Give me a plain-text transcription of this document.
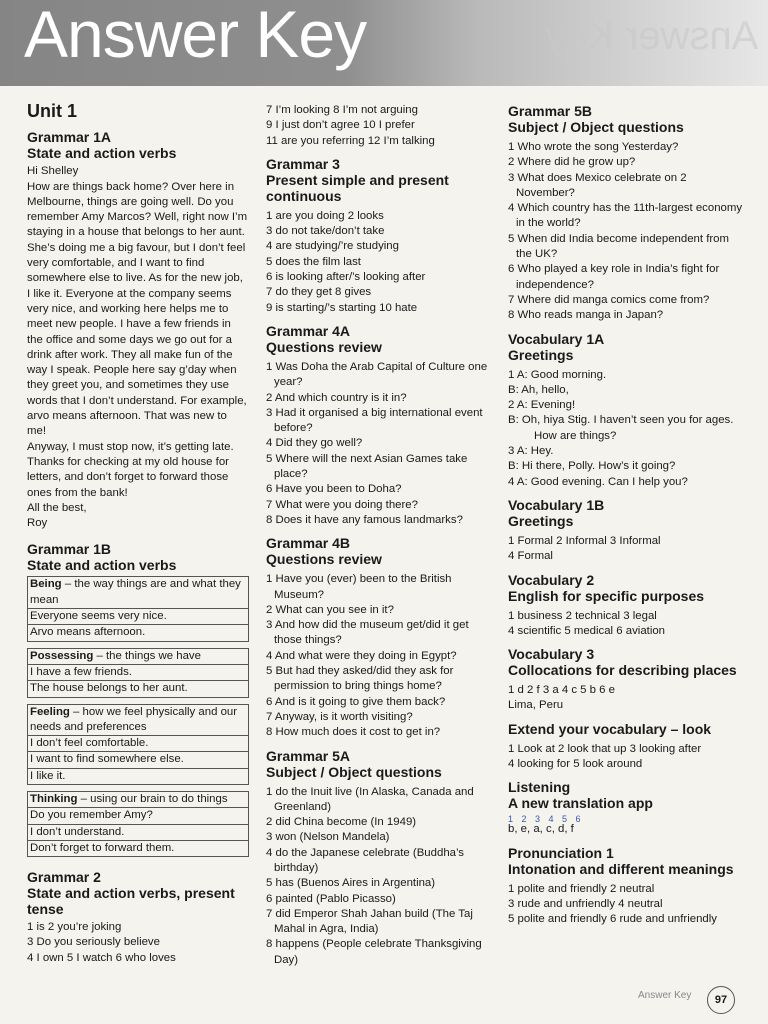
Answer Key	Answer Key
Unit 1
Grammar 1A
State and action verbs

Hi Shelley

How are things back home? Over here in Melbourne, things are going well. Do you remember Amy Marcos? Well, right now I’m staying in a house that belongs to her aunt. She’s doing me a big favour, but I don’t feel very comfortable, and I want to find somewhere else to live. As for the new job, I like it. Everyone at the company seems very nice, and working here helps me to meet new people. I have a few friends in the office and some days we go out for a drink after work. They all make fun of the way I speak. People here say g’day when they greet you, and sometimes they use words that I don’t understand. For example, arvo means afternoon. That was new to me!

Anyway, I must stop now, it’s getting late. Thanks for checking at my old house for letters, and don’t forget to forward those ones from the bank!

All the best,

Roy

Grammar 1B
State and action verbs
Being – the way things are and what they mean
Everyone seems very nice.
Arvo means afternoon.
Possessing – the things we have
I have a few friends.
The house belongs to her aunt.
Feeling – how we feel physically and our needs and preferences
I don’t feel comfortable.
I want to find somewhere else.
I like it.
Thinking – using our brain to do things
Do you remember Amy?
I don’t understand.
Don’t forget to forward them.
Grammar 2
State and action verbs, present tense
1 is 2 you’re joking
3 Do you seriously believe
4 I own 5 I watch 6 who loves
7 I’m looking 8 I’m not arguing
9 I just don’t agree 10 I prefer
11 are you referring 12 I’m talking
Grammar 3
Present simple and present continuous
1 are you doing 2 looks
3 do not take/don’t take
4 are studying/’re studying
5 does the film last
6 is looking after/’s looking after
7 do they get 8 gives
9 is starting/’s starting 10 hate
Grammar 4A
Questions review
1 Was Doha the Arab Capital of Culture one year?
2 And which country is it in?
3 Had it organised a big international event before?
4 Did they go well?
5 Where will the next Asian Games take place?
6 Have you been to Doha?
7 What were you doing there?
8 Does it have any famous landmarks?
Grammar 4B
Questions review
1 Have you (ever) been to the British Museum?
2 What can you see in it?
3 And how did the museum get/did it get those things?
4 And what were they doing in Egypt?
5 But had they asked/did they ask for permission to bring things home?
6 And is it going to give them back?
7 Anyway, is it worth visiting?
8 How much does it cost to get in?
Grammar 5A
Subject / Object questions
1 do the Inuit live (In Alaska, Canada and Greenland)
2 did China become (In 1949)
3 won (Nelson Mandela)
4 do the Japanese celebrate (Buddha’s birthday)
5 has (Buenos Aires in Argentina)
6 painted (Pablo Picasso)
7 did Emperor Shah Jahan build (The Taj Mahal in Agra, India)
8 happens (People celebrate Thanksgiving Day)
Grammar 5B
Subject / Object questions
1 Who wrote the song Yesterday?
2 Where did he grow up?
3 What does Mexico celebrate on 2 November?
4 Which country has the 11th-largest economy in the world?
5 When did India become independent from the UK?
6 Who played a key role in India’s fight for independence?
7 Where did manga comics come from?
8 Who reads manga in Japan?
Vocabulary 1A
Greetings
1 A: Good morning.
B: Ah, hello,
2 A: Evening!
B: Oh, hiya Stig. I haven’t seen you for ages. How are things?
3 A: Hey.
B: Hi there, Polly. How’s it going?
4 A: Good evening. Can I help you?
Vocabulary 1B
Greetings
1 Formal 2 Informal 3 Informal
4 Formal
Vocabulary 2
English for specific purposes
1 business 2 technical 3 legal
4 scientific 5 medical 6 aviation
Vocabulary 3
Collocations for describing places
1 d 2 f 3 a 4 c 5 b 6 e
Lima, Peru
Extend your vocabulary – look
1 Look at 2 look that up 3 looking after
4 looking for 5 look around
Listening
A new translation app
1 2 3 4 5 6
b, e, a, c, d, f
Pronunciation 1
Intonation and different meanings
1 polite and friendly 2 neutral
3 rude and unfriendly 4 neutral
5 polite and friendly 6 rude and unfriendly
Answer Key	97
